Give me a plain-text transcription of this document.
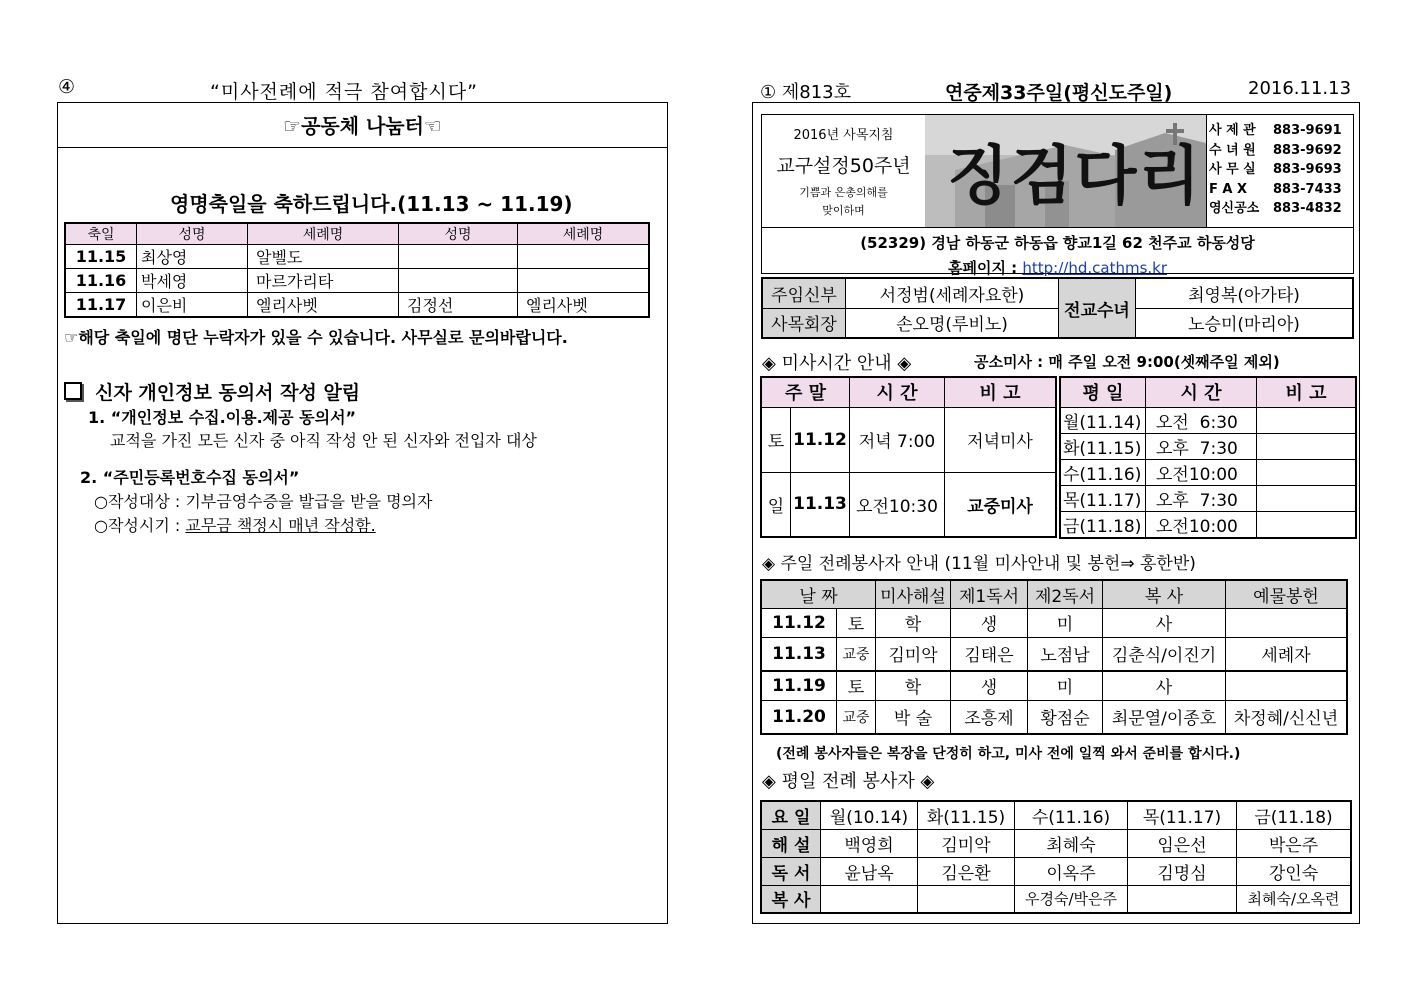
④	“미사전례에 적극 참여합시다”
☞공동체 나눔터☜
영명축일을 축하드립니다.(11.13 ~ 11.19)
축일	성명	세례명	성명	세례명
11.15	최상영	알벨도		
11.16	박세영	마르가리타		
11.17	이은비	엘리사벳	김정선	엘리사벳
☞해당 축일에 명단 누락자가 있을 수 있습니다. 사무실로 문의바랍니다.
신자 개인정보 동의서 작성 알림
1. “개인정보 수집.이용.제공 동의서”
교적을 가진 모든 신자 중 아직 작성 안 된 신자와 전입자 대상
2. “주민등록번호수집 동의서”
○작성대상 : 기부금영수증을 발급을 받을 명의자
○작성시기 : 교무금 책정시 매년 작성함.
① 제813호	연중제33주일(평신도주일)	2016.11.13
2016년 사목지침
교구설정50주년
기쁨과 은총의해를
맞이하며	징검다리
사 제 관 883-9691
수 녀 원 883-9692
사 무 실 883-9693
F A X 883-7433
영신공소 883-4832
(52329) 경남 하동군 하동읍 향교1길 62 천주교 하동성당
홈페이지 : http://hd.cathms.kr
주임신부	서정범(세례자요한)	전교수녀	최영복(아가타)
사목회장	손오명(루비노)		노승미(마리아)
◈ 미사시간 안내 ◈	공소미사 : 매 주일 오전 9:00(셋째주일 제외)
주 말		시 간	비 고
토	11.12	저녁 7:00	저녁미사
일	11.13	오전10:30	교중미사
평 일	시 간	비 고
월(11.14)	오전  6:30	
화(11.15)	오후  7:30	
수(11.16)	오전10:00	
목(11.17)	오후  7:30	
금(11.18)	오전10:00	
◈ 주일 전례봉사자 안내 (11월 미사안내 및 봉헌⇒ 홍한반)
날 짜		미사해설	제1독서	제2독서	복 사	예물봉헌
11.12	토	학	생	미	사	
11.13	교중	김미악	김태은	노점남	김춘식/이진기	세례자
11.19	토	학	생	미	사	
11.20	교중	박 술	조흥제	황점순	최문열/이종호	차정혜/신신년
(전례 봉사자들은 복장을 단정히 하고, 미사 전에 일찍 와서 준비를 합시다.)
◈ 평일 전례 봉사자 ◈
요 일	월(10.14)	화(11.15)	수(11.16)	목(11.17)	금(11.18)
해 설	백영희	김미악	최혜숙	임은선	박은주
독 서	윤남옥	김은환	이옥주	김명심	강인숙
복 사			우경숙/박은주		최혜숙/오옥련
